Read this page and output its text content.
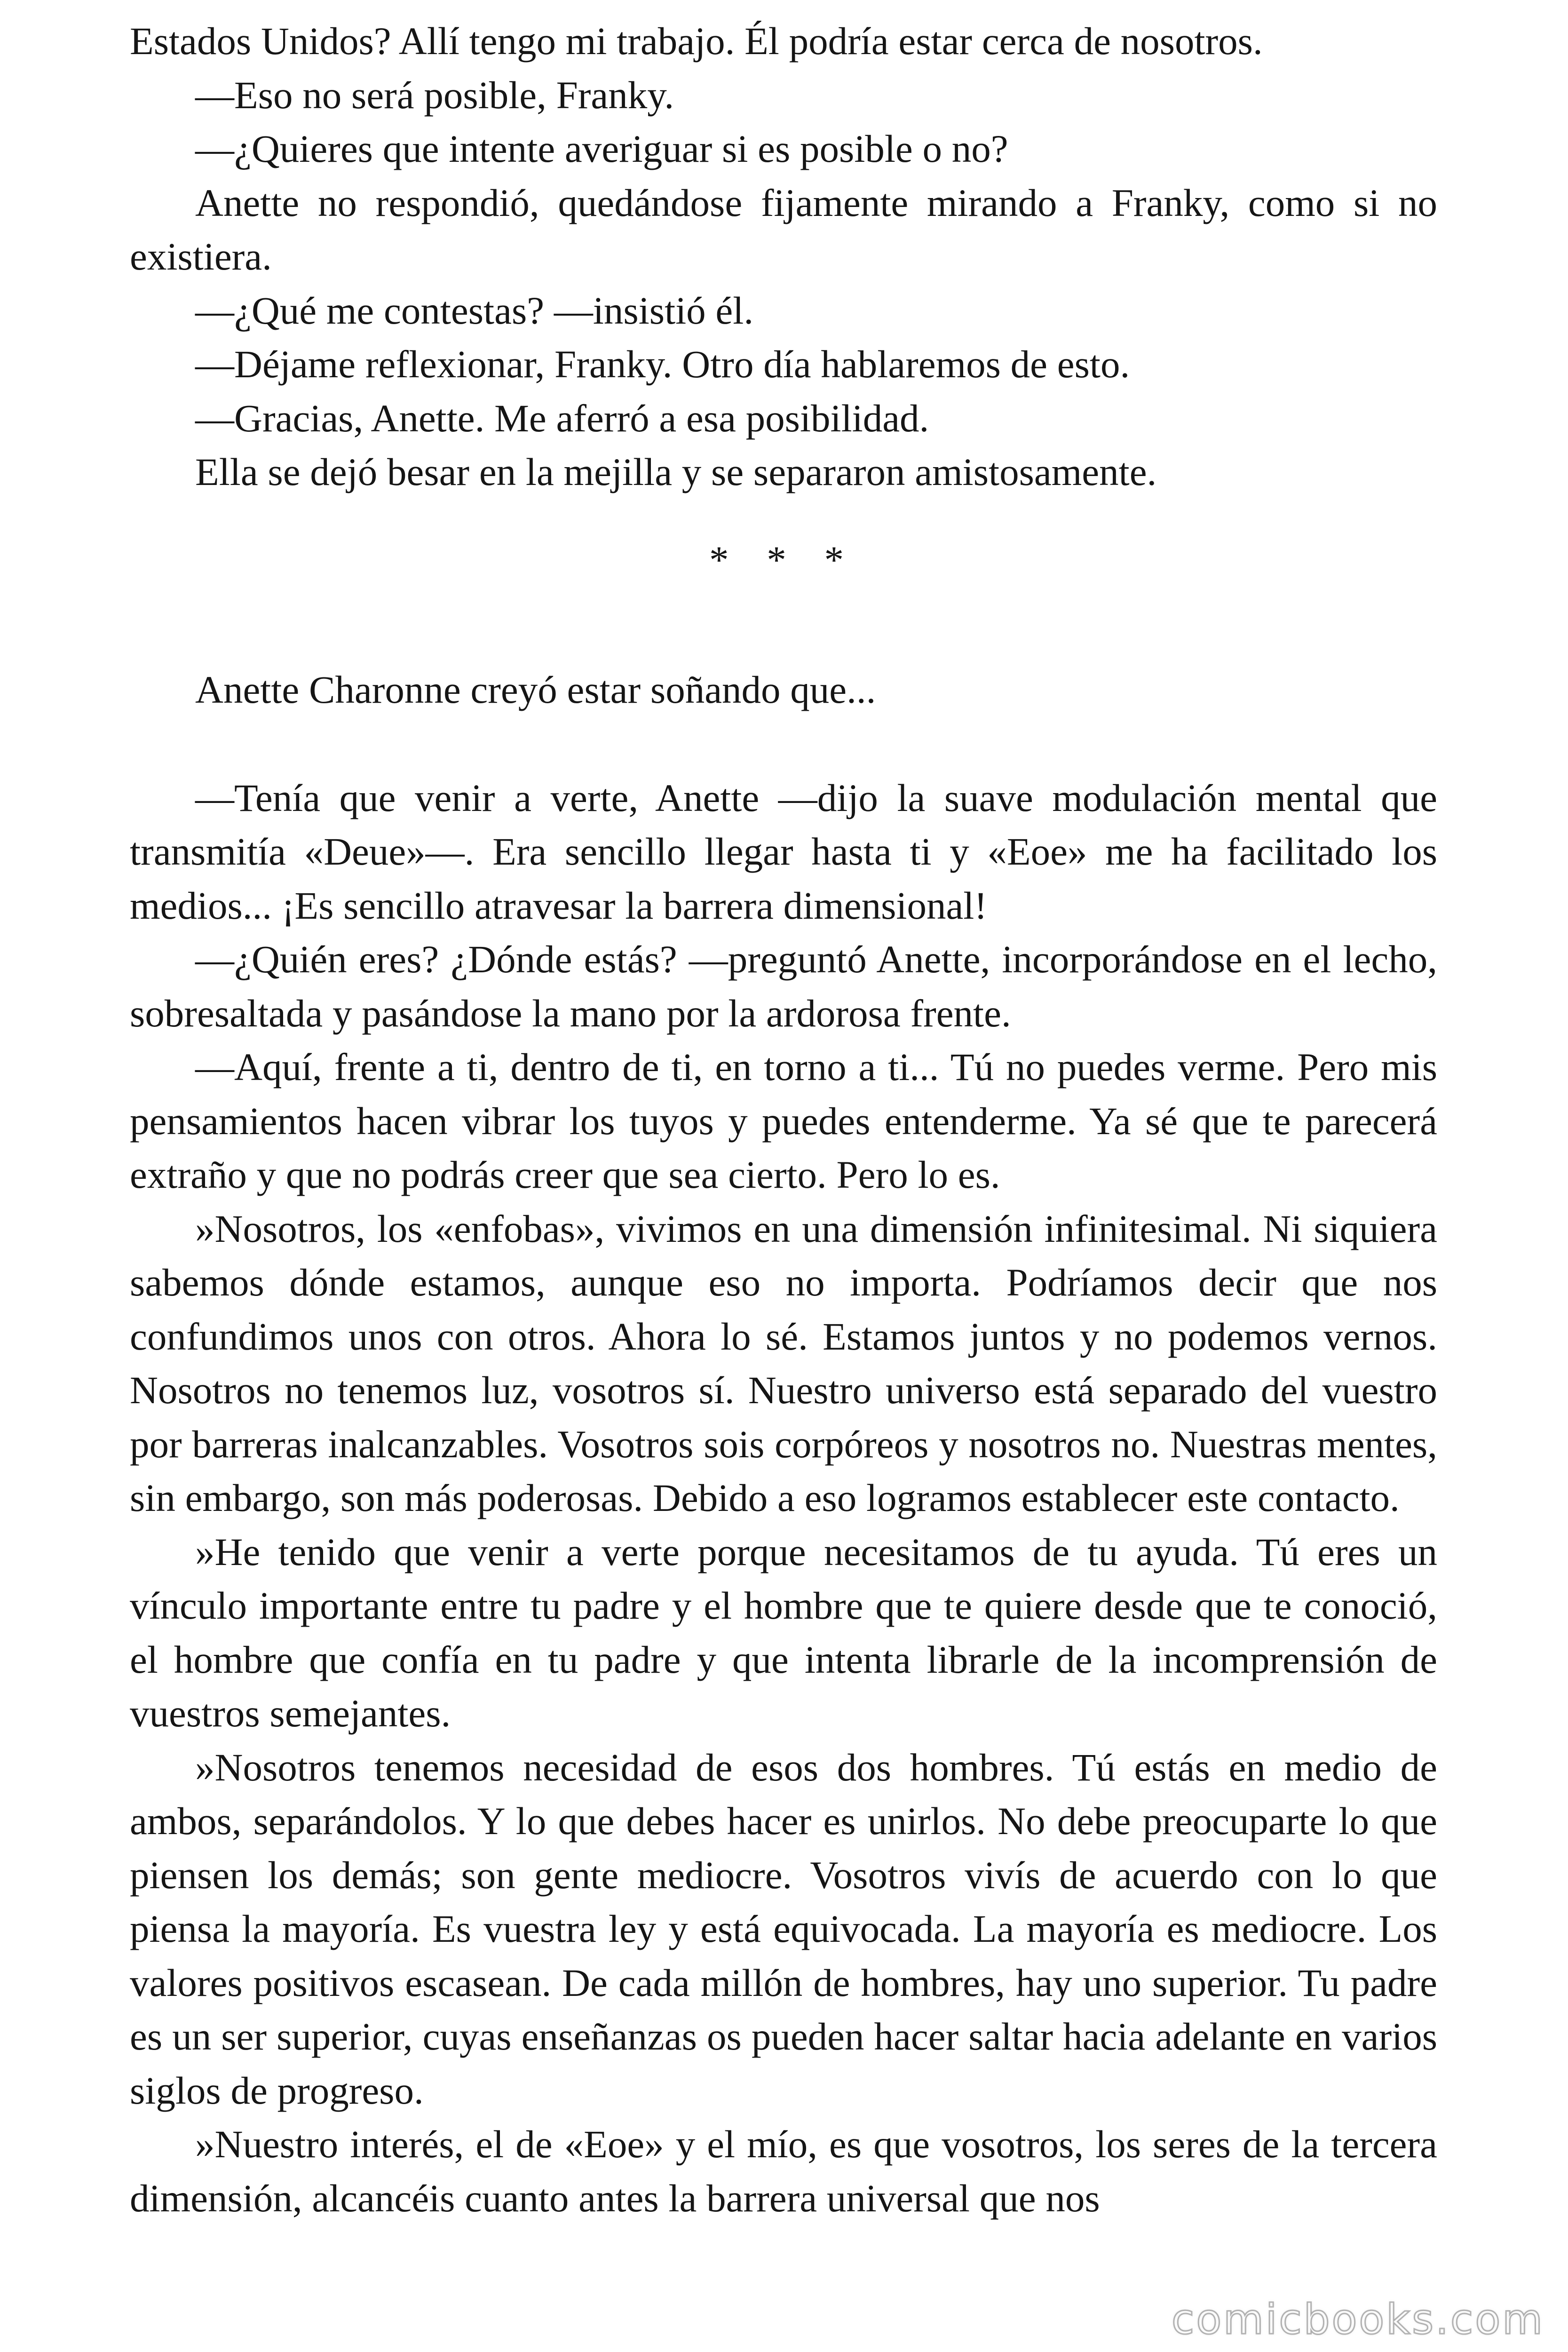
Estados Unidos? Allí tengo mi trabajo. Él podría estar cerca de nosotros.

—Eso no será posible, Franky.

—¿Quieres que intente averiguar si es posible o no?

Anette no respondió, quedándose fijamente mirando a Franky, como si no existiera.

—¿Qué me contestas? —insistió él.

—Déjame reflexionar, Franky. Otro día hablaremos de esto.

—Gracias, Anette. Me aferró a esa posibilidad.

Ella se dejó besar en la mejilla y se separaron amistosamente.

* * *

Anette Charonne creyó estar soñando que...

—Tenía que venir a verte, Anette —dijo la suave modulación mental que transmitía «Deue»—. Era sencillo llegar hasta ti y «Eoe» me ha facilitado los medios... ¡Es sencillo atravesar la barrera dimensional!

—¿Quién eres? ¿Dónde estás? —preguntó Anette, incorporándose en el lecho, sobresaltada y pasándose la mano por la ardorosa frente.

—Aquí, frente a ti, dentro de ti, en torno a ti... Tú no puedes verme. Pero mis pensamientos hacen vibrar los tuyos y puedes entenderme. Ya sé que te parecerá extraño y que no podrás creer que sea cierto. Pero lo es.

»Nosotros, los «enfobas», vivimos en una dimensión infinitesimal. Ni siquiera sabemos dónde estamos, aunque eso no importa. Podríamos decir que nos confundimos unos con otros. Ahora lo sé. Estamos juntos y no podemos vernos. Nosotros no tenemos luz, vosotros sí. Nuestro universo está separado del vuestro por barreras inalcanzables. Vosotros sois corpóreos y nosotros no. Nuestras mentes, sin embargo, son más poderosas. Debido a eso logramos establecer este contacto.

»He tenido que venir a verte porque necesitamos de tu ayuda. Tú eres un vínculo importante entre tu padre y el hombre que te quiere desde que te conoció, el hombre que confía en tu padre y que intenta librarle de la incomprensión de vuestros semejantes.

»Nosotros tenemos necesidad de esos dos hombres. Tú estás en medio de ambos, separándolos. Y lo que debes hacer es unirlos. No debe preocuparte lo que piensen los demás; son gente mediocre. Vosotros vivís de acuerdo con lo que piensa la mayoría. Es vuestra ley y está equivocada. La mayoría es mediocre. Los valores positivos escasean. De cada millón de hombres, hay uno superior. Tu padre es un ser superior, cuyas enseñanzas os pueden hacer saltar hacia adelante en varios siglos de progreso.

»Nuestro interés, el de «Eoe» y el mío, es que vosotros, los seres de la tercera dimensión, alcancéis cuanto antes la barrera universal que nos

comicbooks.com
